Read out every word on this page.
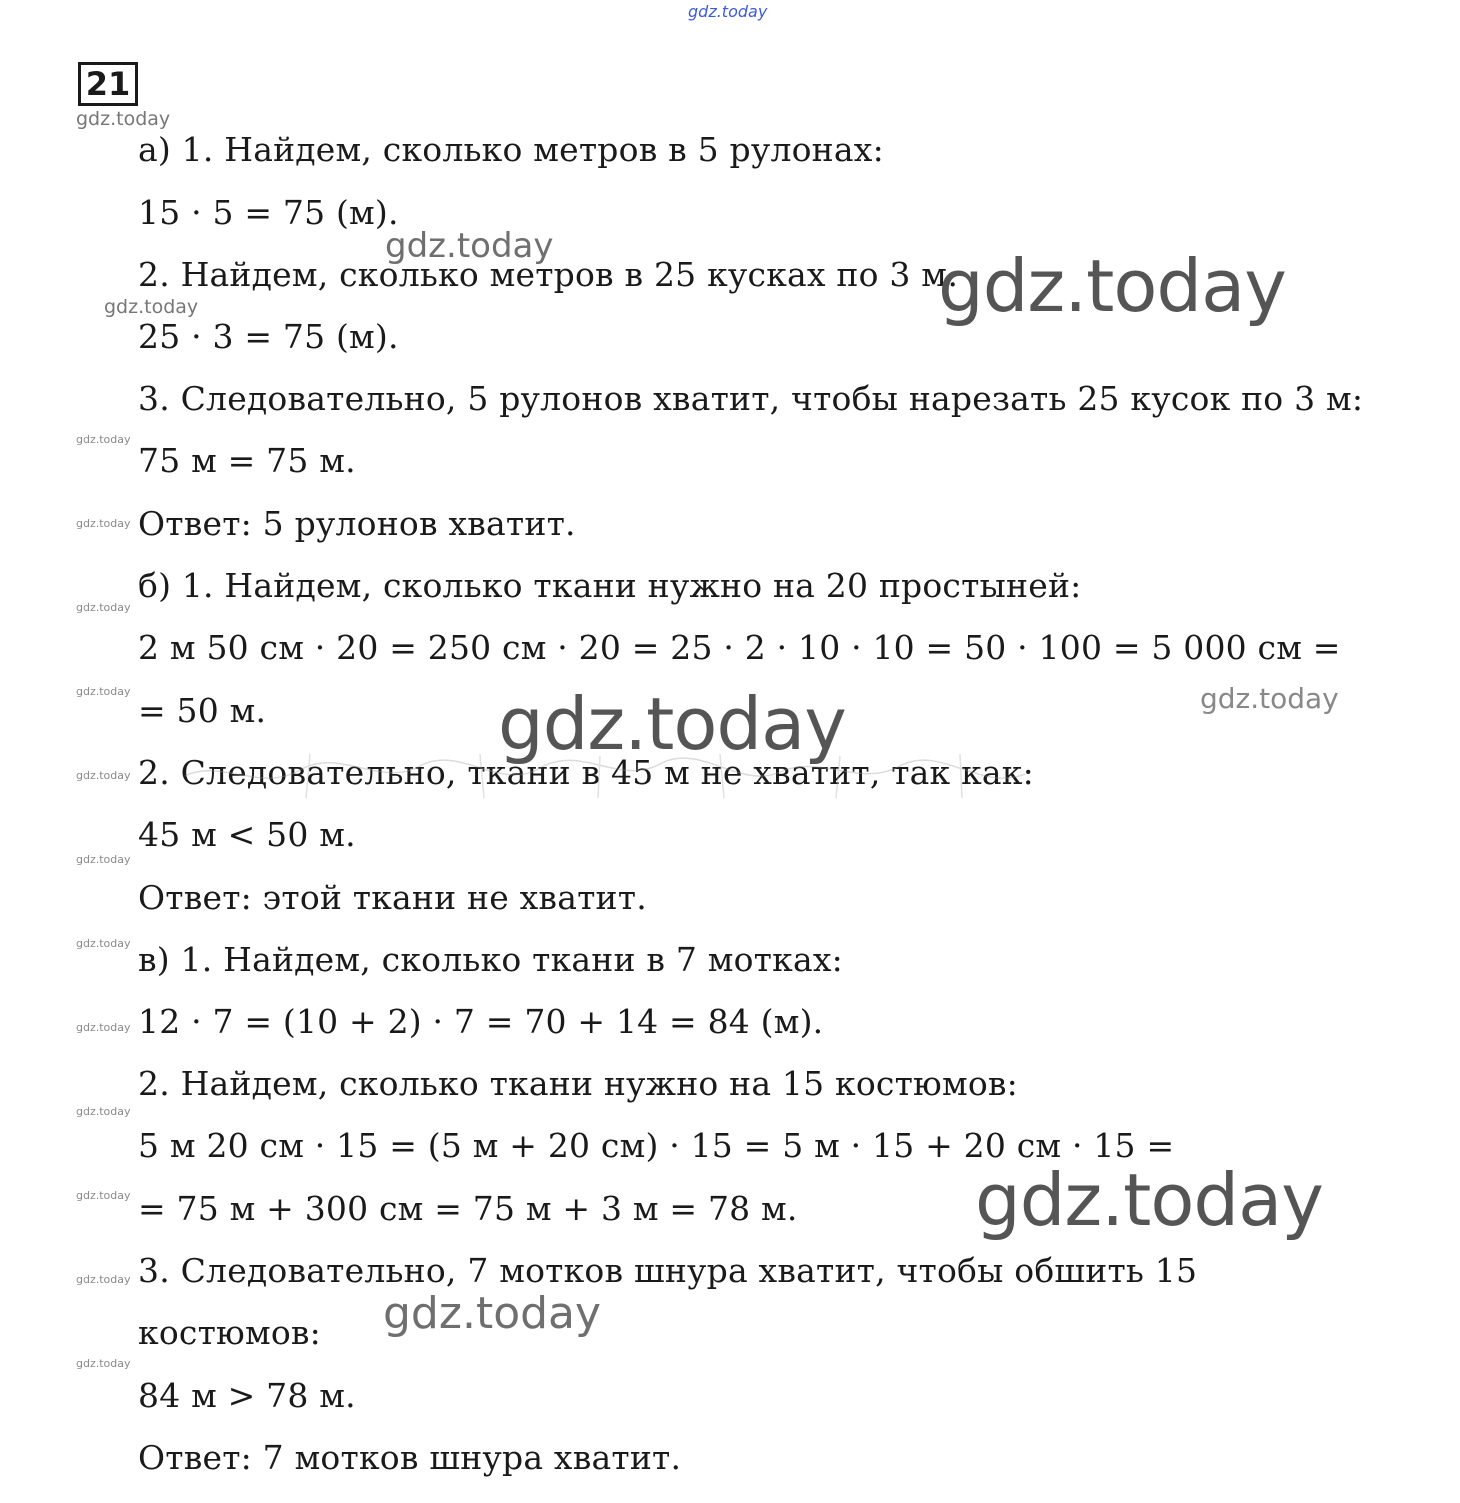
gdz.today
21
gdz.today
а) 1. Найдем, сколько метров в 5 рулонах:
15 · 5 = 75 (м).
2. Найдем, сколько метров в 25 кусках по 3 м:
25 · 3 = 75 (м).
3. Следовательно, 5 рулонов хватит, чтобы нарезать 25 кусок по 3 м:
75 м = 75 м.
Ответ: 5 рулонов хватит.
б) 1. Найдем, сколько ткани нужно на 20 простыней:
2 м 50 см · 20 = 250 см · 20 = 25 · 2 · 10 · 10 = 50 · 100 = 5 000 см =
= 50 м.
2. Следовательно, ткани в 45 м не хватит, так как:
45 м < 50 м.
Ответ: этой ткани не хватит.
в) 1. Найдем, сколько ткани в 7 мотках:
12 · 7 = (10 + 2) · 7 = 70 + 14 = 84 (м).
2. Найдем, сколько ткани нужно на 15 костюмов:
5 м 20 см · 15 = (5 м + 20 см) · 15 = 5 м · 15 + 20 см · 15 =
= 75 м + 300 см = 75 м + 3 м = 78 м.
3. Следовательно, 7 мотков шнура хватит, чтобы обшить 15
костюмов:
84 м > 78 м.
Ответ: 7 мотков шнура хватит.
gdz.today	gdz.today
gdz.today
gdz.today	gdz.today
gdz.today
gdz.today
gdz.today
gdz.today
gdz.today
gdz.today
gdz.today
gdz.today
gdz.today
gdz.today
gdz.today
gdz.today
gdz.today
gdz.today
